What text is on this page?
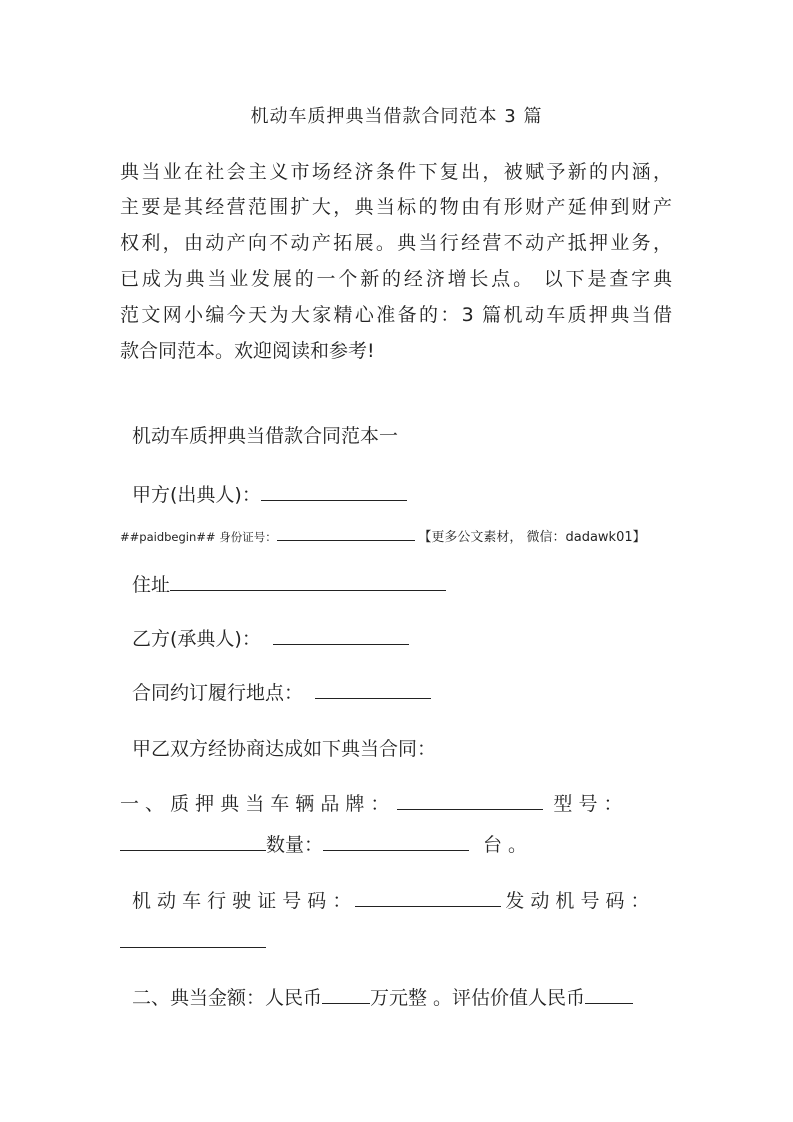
机动车质押典当借款合同范本 3 篇
典当业在社会主义市场经济条件下复出，被赋予新的内涵，
主要是其经营范围扩大，典当标的物由有形财产延伸到财产
权利，由动产向不动产拓展。典当行经营不动产抵押业务，
已成为典当业发展的一个新的经济增长点。 以下是查字典
范文网小编今天为大家精心准备的：3 篇机动车质押典当借
款合同范本。欢迎阅读和参考!
机动车质押典当借款合同范本一
甲方(出典人)：
##paidbegin## 身份证号：	【更多公文素材， 微信：dadawk01】
住址
乙方(承典人)：
合同约订履行地点：
甲乙双方经协商达成如下典当合同：
一 、 质 押 典 当 车 辆 品 牌 ：	型 号 ：
数量：	台 。
机 动 车 行 驶 证 号 码 ：	发 动 机 号 码 ：
二、典当金额：人民币	万元整 。评估价值人民币
